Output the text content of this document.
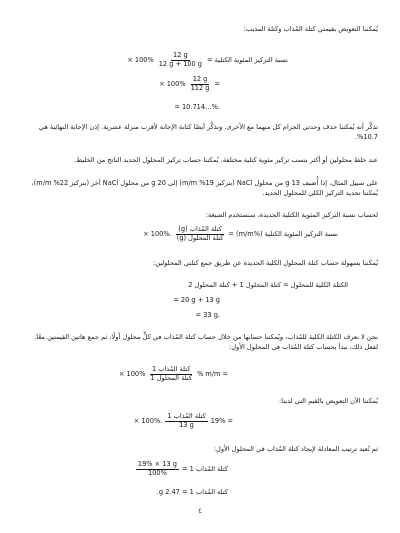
يُمكننا التعويض بقيمتي كتلة المُذاب وكتلة المذيب:
× $100\% \frac{12 g}{12 g + 100 g}$ نسبة التركيز المئوية الكتلية =
× $100\% \frac{12 g}{112 g}$ =
= ‎10.714…%‎.
تذكَّر أنه يُمكننا حذف وحدتي الجرام كل منهما مع الأخرى. وتذكَّر أيضًا كتابة الإجابة لأقرب منزلة عشرية. إذن الإجابة النهائية هي 10.7%.
عند خلط محلولين أو أكثر بنسب تركيز مئوية كتلية مختلفة، يُمكننا حساب تركيز المحلول الجديد الناتج من الخليط.
على سبيل المثال، إذا أُضيف 13 g من محلول NaCl (بتركيز 19% m/m) إلى 20 g من محلول NaCl آخر (بتركيز 22% m/m)، يُمكننا تحديد التركيز الكلي للمحلول الجديد.
لحساب نسبة التركيز المئوية الكتلية الجديدة، سنستخدم الصيغة:
× 100%. $\frac{\text{كتلة المُذاب (g)}}{\text{كتلة المحلول (g)}}$ نسبة التركيز المئوية الكتلية (%m/m) =
يُمكننا بسهولة حساب كتلة المحلول الكلية الجديدة عن طريق جمع كتلتي المحلولين:
الكتلة الكلية للمحلول = كتلة المحلول 1 + كتلة المحلول 2
= 20 g + 13 g
= 33 g.
نحن لا نعرف الكتلة الكلية للمُذاب، ويُمكننا حسابها من خلال حساب كتلة المُذاب في كلٍّ محلول أولًا، ثم جمع هاتين القيمتين معًا. لفعل ذلك، نبدأ بحساب كتلة المُذاب في المحلول الأول:
× $100\% \frac{\text{كتلة المُذاب 1}}{\text{كتلة المحلول 1}}$ % m/m =
يُمكننا الآن التعويض بالقيم التي لدينا:
× 100%. $\frac{\text{كتلة المُذاب 1}}{13 g} 19\%$ =
ثم نُعيد ترتيب المعادلة لإيجاد كتلة المُذاب في المحلول الأول:
$\frac{19\% \times 13 g}{100\%}$ كتلة المُذاب 1 =
كتلة المُذاب 1 = 2.47 g.
٤
